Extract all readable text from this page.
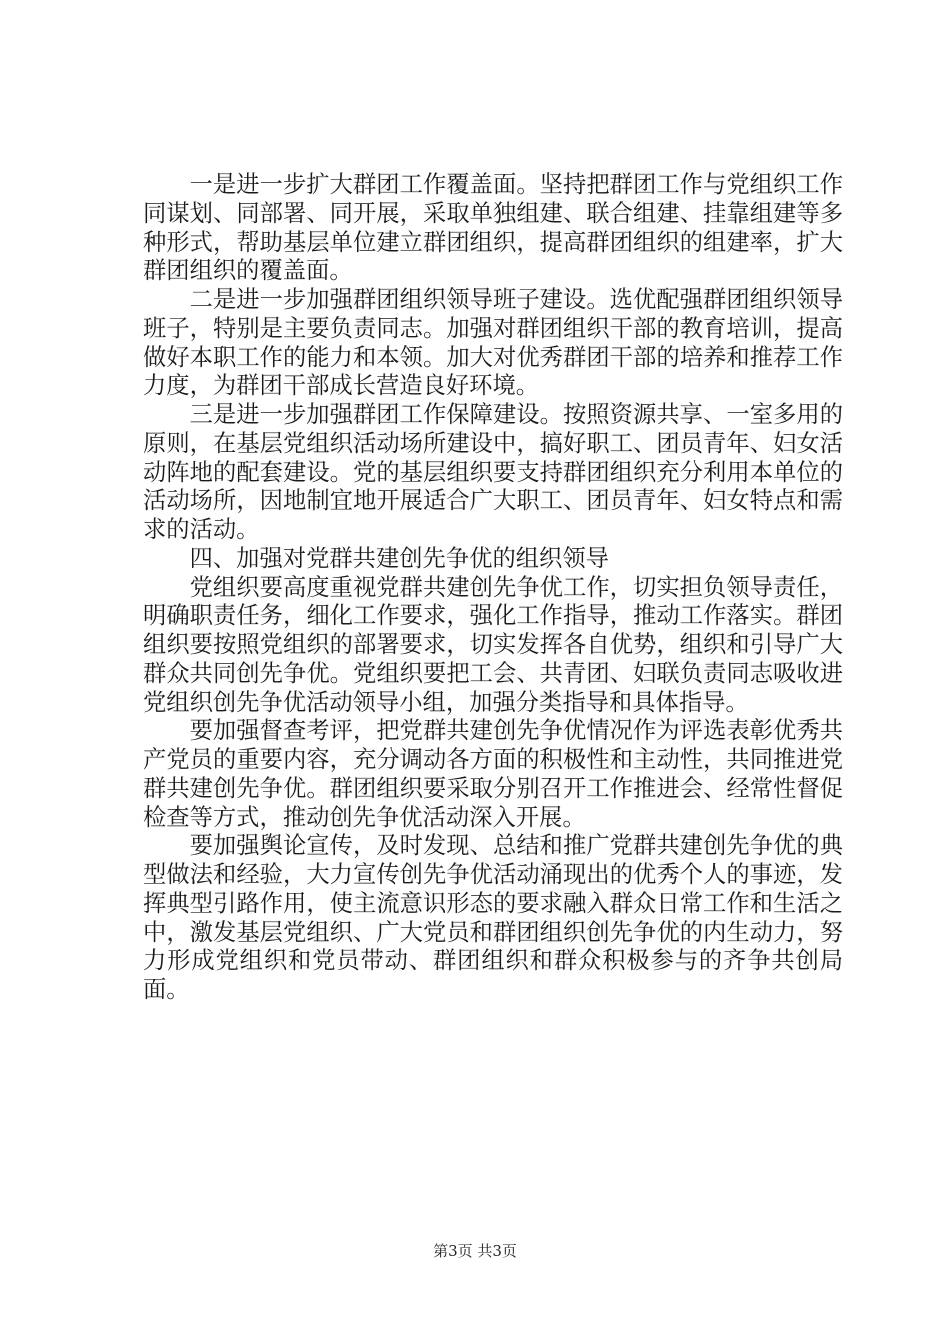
一是进一步扩大群团工作覆盖面。坚持把群团工作与党组织工作同谋划、同部署、同开展，采取单独组建、联合组建、挂靠组建等多种形式，帮助基层单位建立群团组织，提高群团组织的组建率，扩大群团组织的覆盖面。

二是进一步加强群团组织领导班子建设。选优配强群团组织领导班子，特别是主要负责同志。加强对群团组织干部的教育培训，提高做好本职工作的能力和本领。加大对优秀群团干部的培养和推荐工作力度，为群团干部成长营造良好环境。

三是进一步加强群团工作保障建设。按照资源共享、一室多用的原则，在基层党组织活动场所建设中，搞好职工、团员青年、妇女活动阵地的配套建设。党的基层组织要支持群团组织充分利用本单位的活动场所，因地制宜地开展适合广大职工、团员青年、妇女特点和需求的活动。

四、加强对党群共建创先争优的组织领导

党组织要高度重视党群共建创先争优工作，切实担负领导责任，明确职责任务，细化工作要求，强化工作指导，推动工作落实。群团组织要按照党组织的部署要求，切实发挥各自优势，组织和引导广大群众共同创先争优。党组织要把工会、共青团、妇联负责同志吸收进党组织创先争优活动领导小组，加强分类指导和具体指导。

要加强督查考评，把党群共建创先争优情况作为评选表彰优秀共产党员的重要内容，充分调动各方面的积极性和主动性，共同推进党群共建创先争优。群团组织要采取分别召开工作推进会、经常性督促检查等方式，推动创先争优活动深入开展。

要加强舆论宣传，及时发现、总结和推广党群共建创先争优的典型做法和经验，大力宣传创先争优活动涌现出的优秀个人的事迹，发挥典型引路作用，使主流意识形态的要求融入群众日常工作和生活之中，激发基层党组织、广大党员和群团组织创先争优的内生动力，努力形成党组织和党员带动、群团组织和群众积极参与的齐争共创局面。

第3页 共3页
